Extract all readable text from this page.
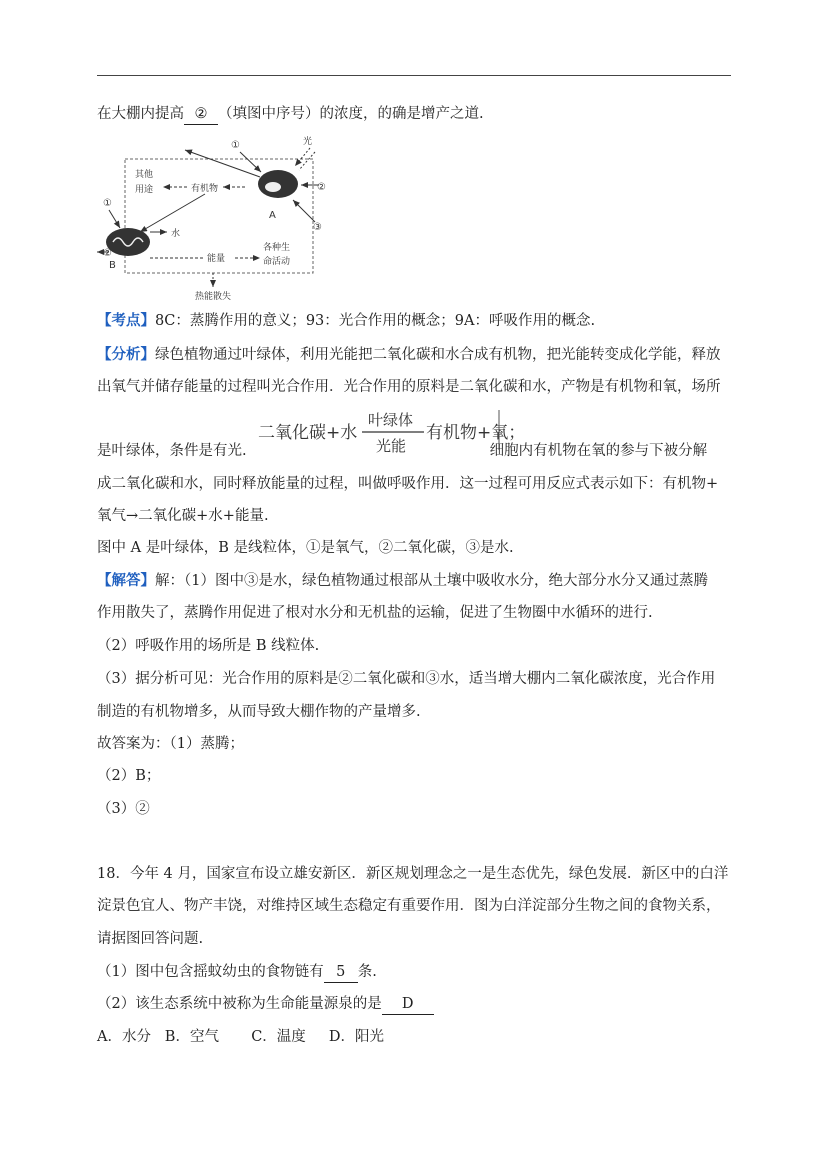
在大棚内提高 ② （填图中序号）的浓度，的确是增产之道.
其他
用途	有机物
A
光
①
②
③
B
①
②
水
能量
各种生
命活动
热能散失
【考点】8C：蒸腾作用的意义；93：光合作用的概念；9A：呼吸作用的概念.
【分析】绿色植物通过叶绿体，利用光能把二氧化碳和水合成有机物，把光能转变成化学能，释放
出氧气并储存能量的过程叫光合作用．光合作用的原料是二氧化碳和水，产物是有机物和氧，场所
二氧化碳+水
叶绿体
光能
有机物+氧；
是叶绿体，条件是有光.	细胞内有机物在氧的参与下被分解
成二氧化碳和水，同时释放能量的过程，叫做呼吸作用．这一过程可用反应式表示如下：有机物+
氧气→二氧化碳+水+能量.
图中 A 是叶绿体，B 是线粒体，①是氧气，②二氧化碳，③是水.
【解答】解：（1）图中③是水，绿色植物通过根部从土壤中吸收水分，绝大部分水分又通过蒸腾
作用散失了，蒸腾作用促进了根对水分和无机盐的运输，促进了生物圈中水循环的进行.
（2）呼吸作用的场所是 B 线粒体.
（3）据分析可见：光合作用的原料是②二氧化碳和③水，适当增大棚内二氧化碳浓度，光合作用
制造的有机物增多，从而导致大棚作物的产量增多.
故答案为：（1）蒸腾；
（2）B；
（3）②
18．今年 4 月，国家宣布设立雄安新区．新区规划理念之一是生态优先，绿色发展．新区中的白洋
淀景色宜人、物产丰饶，对维持区域生态稳定有重要作用．图为白洋淀部分生物之间的食物关系，
请据图回答问题.
（1）图中包含摇蚊幼虫的食物链有 5 条.
（2）该生态系统中被称为生命能量源泉的是 D
A．水分   B．空气       C．温度     D．阳光
